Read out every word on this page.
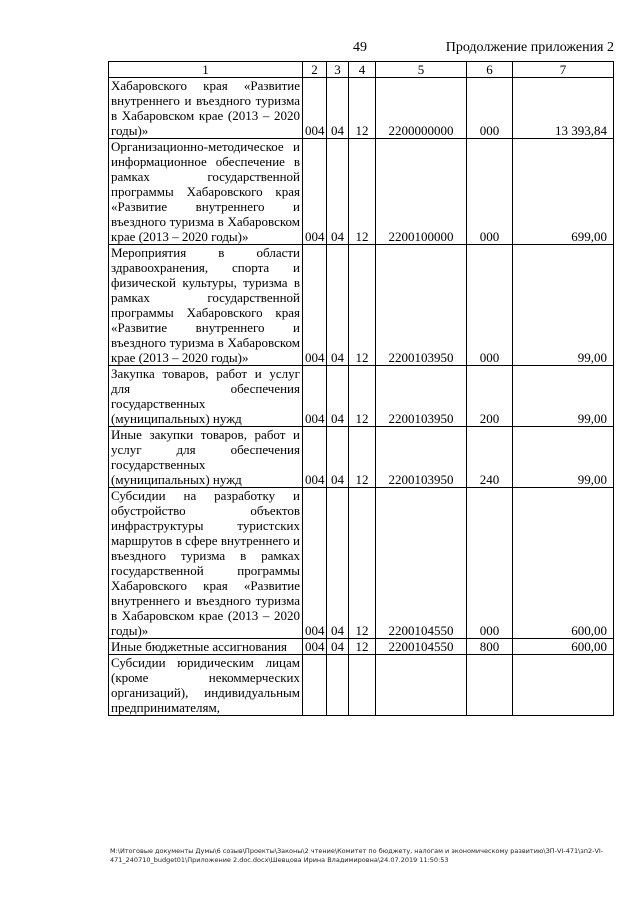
49	Продолжение приложения 2
1	2	3	4	5	6	7
Хабаровского края «Развитие внутреннего и въездного туризма в Хабаровском крае (2013 – 2020 годы)»	004	04	12	2200000000	000	13 393,84
Организационно-методическое и информационное обеспечение в рамках государственной программы Хабаровского края «Развитие внутреннего и въездного туризма в Хабаровском крае (2013 – 2020 годы)»	004	04	12	2200100000	000	699,00
Мероприятия в области здравоохранения, спорта и физической культуры, туризма в рамках государственной программы Хабаровского края «Развитие внутреннего и въездного туризма в Хабаровском крае (2013 – 2020 годы)»	004	04	12	2200103950	000	99,00
Закупка товаров, работ и услуг для обеспечения государственных (муниципальных) нужд	004	04	12	2200103950	200	99,00
Иные закупки товаров, работ и услуг для обеспечения государственных (муниципальных) нужд	004	04	12	2200103950	240	99,00
Субсидии на разработку и обустройство объектов инфраструктуры туристских маршрутов в сфере внутреннего и въездного туризма в рамках государственной программы Хабаровского края «Развитие внутреннего и въездного туризма в Хабаровском крае (2013 – 2020 годы)»	004	04	12	2200104550	000	600,00
Иные бюджетные ассигнования	004	04	12	2200104550	800	600,00
Субсидии юридическим лицам (кроме некоммерческих организаций), индивидуальным предпринимателям,						
M:\Итоговые документы Думы\6 созыв\Проекты\Законы\2 чтение\Комитет по бюджету, налогам и экономическому развитию\ЗП-VI-471\зп2-VI-471_240710_budget01\Приложение 2.doc.docx\Шевцова Ирина Владимировна\24.07.2019 11:50:53
